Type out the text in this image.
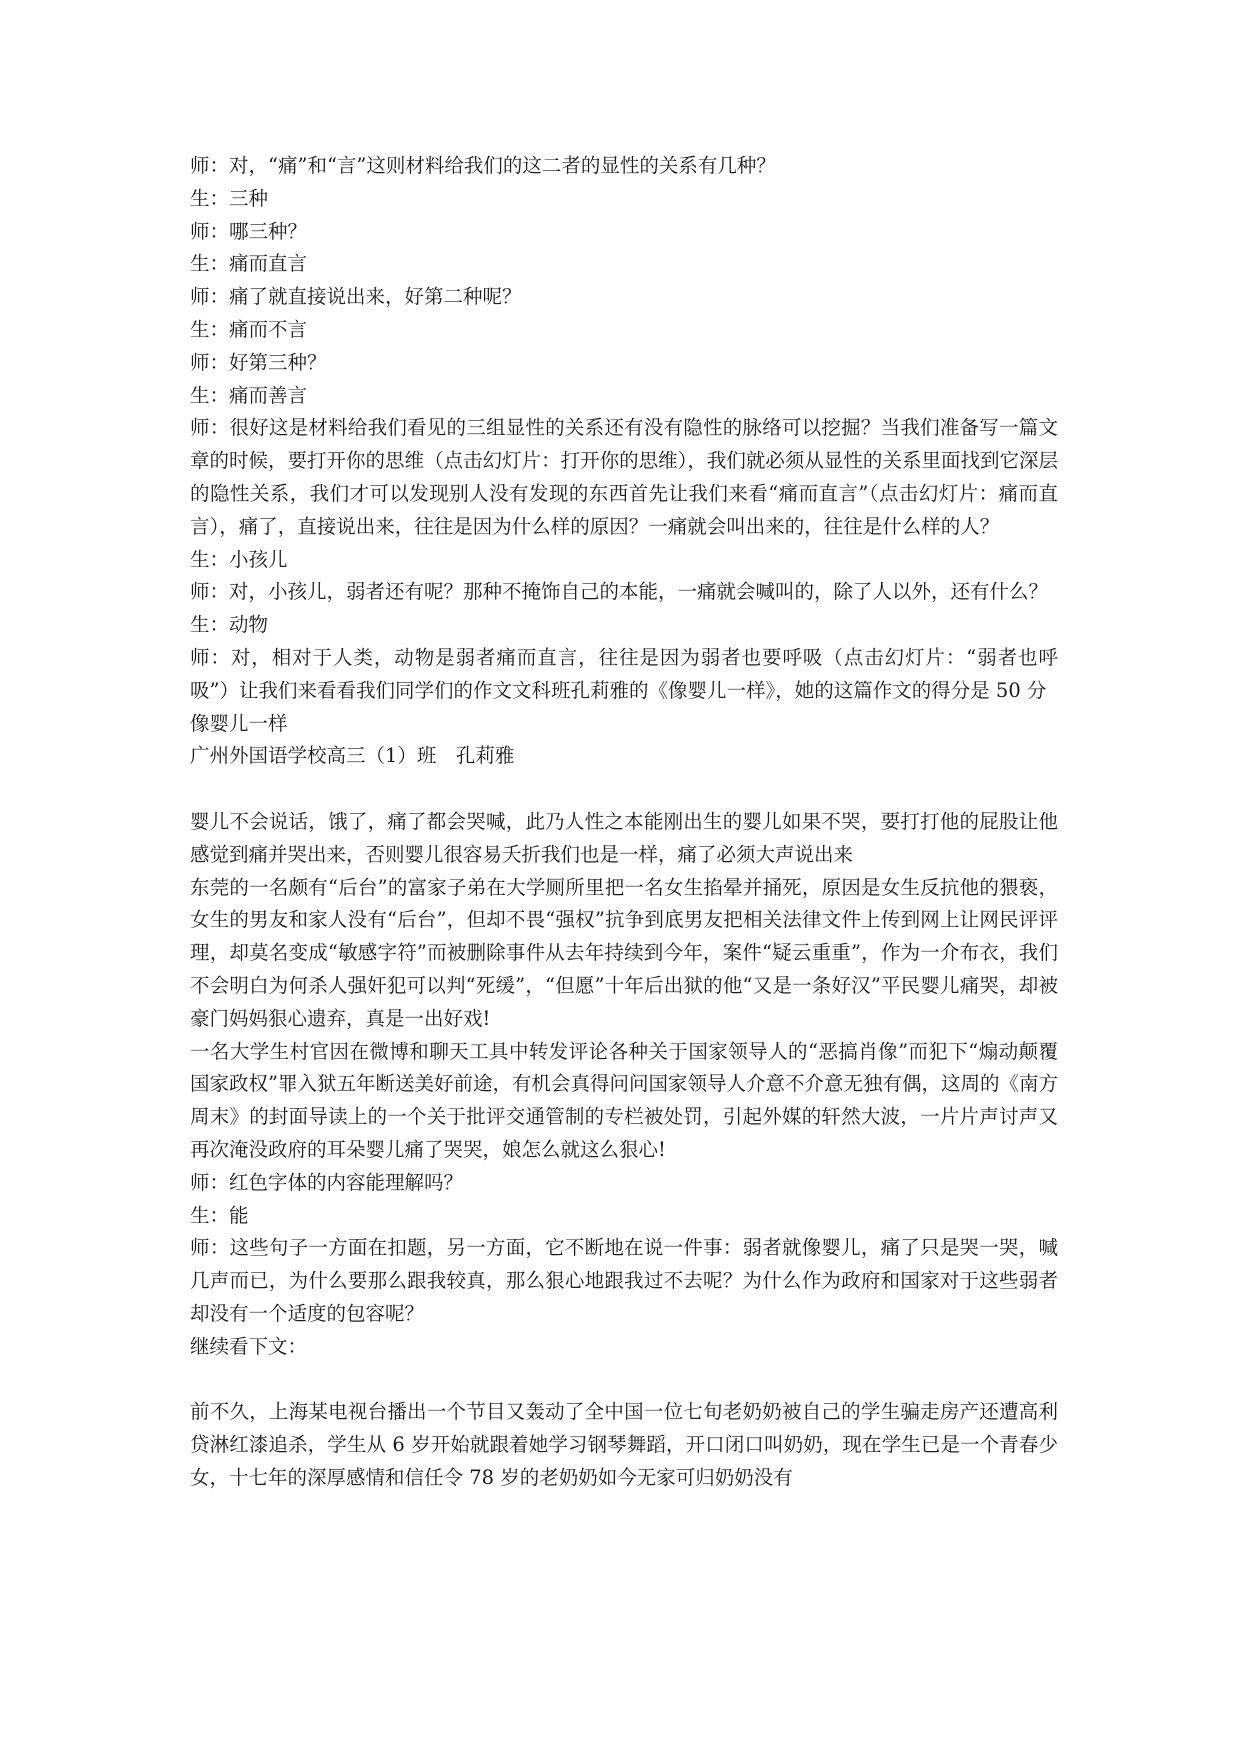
师：对，“痛”和“言”这则材料给我们的这二者的显性的关系有几种？

生：三种

师：哪三种？

生：痛而直言

师：痛了就直接说出来，好第二种呢？

生：痛而不言

师：好第三种？

生：痛而善言

师：很好这是材料给我们看见的三组显性的关系还有没有隐性的脉络可以挖掘？当我们准备写一篇文章的时候，要打开你的思维（点击幻灯片：打开你的思维），我们就必须从显性的关系里面找到它深层的隐性关系，我们才可以发现别人没有发现的东西首先让我们来看“痛而直言”（点击幻灯片：痛而直言），痛了，直接说出来，往往是因为什么样的原因？一痛就会叫出来的，往往是什么样的人？

生：小孩儿

师：对，小孩儿，弱者还有呢？那种不掩饰自己的本能，一痛就会喊叫的，除了人以外，还有什么？

生：动物

师：对，相对于人类，动物是弱者痛而直言，往往是因为弱者也要呼吸（点击幻灯片：“弱者也呼吸”）让我们来看看我们同学们的作文文科班孔莉雅的《像婴儿一样》，她的这篇作文的得分是 50 分

像婴儿一样

广州外国语学校高三（1）班　孔莉雅

婴儿不会说话，饿了，痛了都会哭喊，此乃人性之本能刚出生的婴儿如果不哭，要打打他的屁股让他感觉到痛并哭出来，否则婴儿很容易夭折我们也是一样，痛了必须大声说出来

东莞的一名颇有“后台”的富家子弟在大学厕所里把一名女生掐晕并捅死，原因是女生反抗他的猥亵，女生的男友和家人没有“后台”，但却不畏“强权”抗争到底男友把相关法律文件上传到网上让网民评评理，却莫名变成“敏感字符”而被删除事件从去年持续到今年，案件“疑云重重”，作为一介布衣，我们不会明白为何杀人强奸犯可以判“死缓”，“但愿”十年后出狱的他“又是一条好汉”平民婴儿痛哭，却被豪门妈妈狠心遗弃，真是一出好戏!

一名大学生村官因在微博和聊天工具中转发评论各种关于国家领导人的“恶搞肖像”而犯下“煽动颠覆国家政权”罪入狱五年断送美好前途，有机会真得问问国家领导人介意不介意无独有偶，这周的《南方周末》的封面导读上的一个关于批评交通管制的专栏被处罚，引起外媒的轩然大波，一片片声讨声又再次淹没政府的耳朵婴儿痛了哭哭，娘怎么就这么狠心!

师：红色字体的内容能理解吗？

生：能

师：这些句子一方面在扣题，另一方面，它不断地在说一件事：弱者就像婴儿，痛了只是哭一哭，喊几声而已，为什么要那么跟我较真，那么狠心地跟我过不去呢？为什么作为政府和国家对于这些弱者却没有一个适度的包容呢？

继续看下文：

前不久，上海某电视台播出一个节目又轰动了全中国一位七旬老奶奶被自己的学生骗走房产还遭高利贷淋红漆追杀，学生从 6 岁开始就跟着她学习钢琴舞蹈，开口闭口叫奶奶，现在学生已是一个青春少女，十七年的深厚感情和信任令 78 岁的老奶奶如今无家可归奶奶没有
